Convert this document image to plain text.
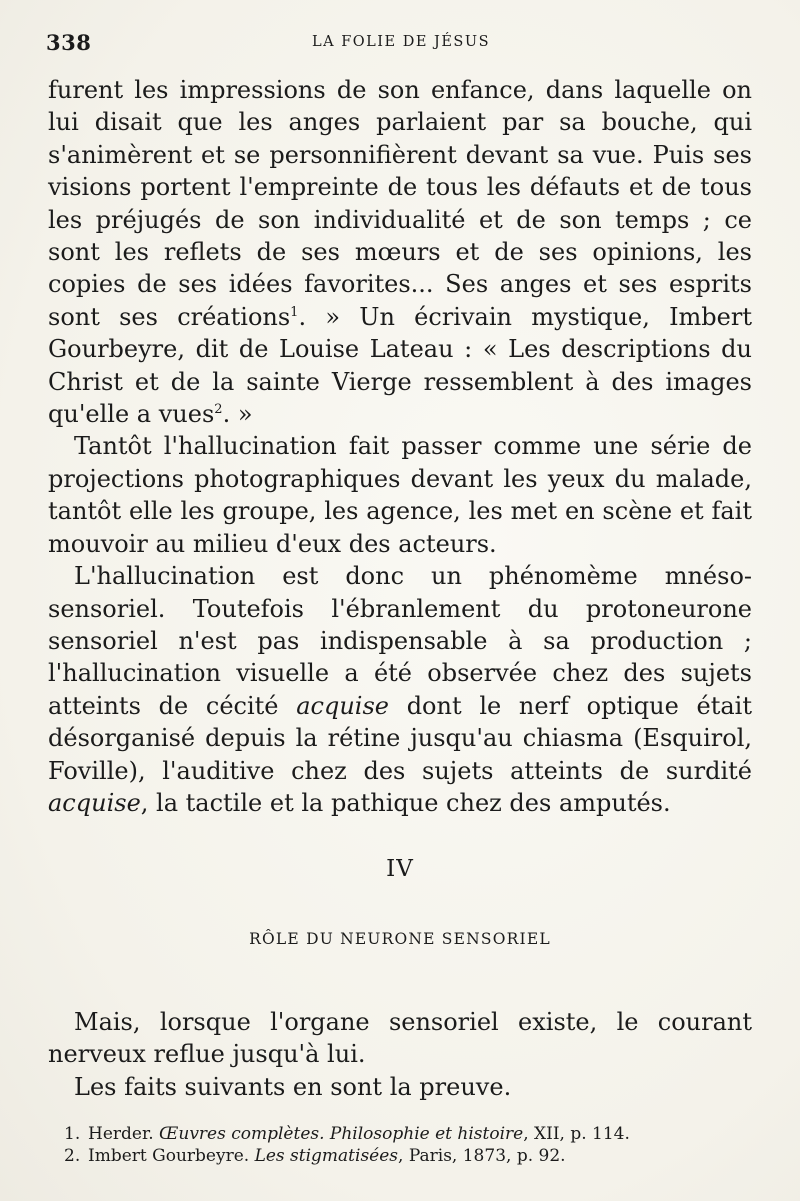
338	LA FOLIE DE JÉSUS

furent les impressions de son enfance, dans laquelle on lui disait que les anges parlaient par sa bouche, qui s'animèrent et se personnifièrent devant sa vue. Puis ses visions portent l'empreinte de tous les défauts et de tous les préjugés de son individualité et de son temps ; ce sont les reflets de ses mœurs et de ses opinions, les copies de ses idées favorites... Ses anges et ses esprits sont ses créations$^1$. » Un écrivain mystique, Imbert Gourbeyre, dit de Louise Lateau : « Les descriptions du Christ et de la sainte Vierge ressemblent à des images qu'elle a vues$^2$. »

Tantôt l'hallucination fait passer comme une série de projections photographiques devant les yeux du malade, tantôt elle les groupe, les agence, les met en scène et fait mouvoir au milieu d'eux des acteurs.

L'hallucination est donc un phénomème mnéso-sensoriel. Toutefois l'ébranlement du protoneurone sensoriel n'est pas indispensable à sa production ; l'hallucination visuelle a été observée chez des sujets atteints de cécité acquise dont le nerf optique était désorganisé depuis la rétine jusqu'au chiasma (Esquirol, Foville), l'auditive chez des sujets atteints de surdité acquise, la tactile et la pathique chez des amputés.

IV
RÔLE DU NEURONE SENSORIEL

Mais, lorsque l'organe sensoriel existe, le courant nerveux reflue jusqu'à lui.

Les faits suivants en sont la preuve.

1. Herder. Œuvres complètes. Philosophie et histoire, XII, p. 114.

2. Imbert Gourbeyre. Les stigmatisées, Paris, 1873, p. 92.
